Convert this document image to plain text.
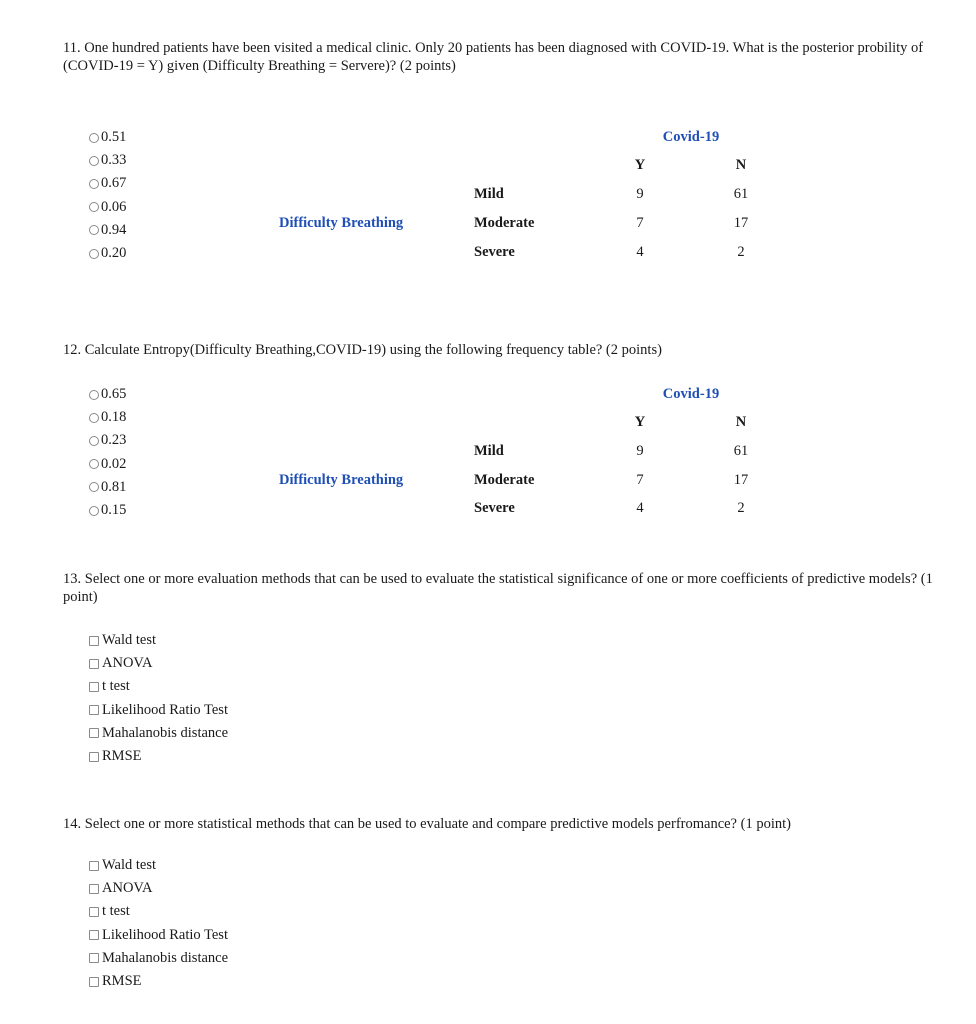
11. One hundred patients have been visited a medical clinic. Only 20 patients has been diagnosed with COVID-19. What is the posterior probility of (COVID-19 = Y) given (Difficulty Breathing = Servere)? (2 points)

0.51
0.33
0.67
0.06
0.94
0.20
Covid-19
Y	N
Difficulty Breathing
Mild	9	61
Moderate	7	17
Severe	4	2

12. Calculate Entropy(Difficulty Breathing,COVID-19) using the following frequency table? (2 points)

0.65
0.18
0.23
0.02
0.81
0.15
Covid-19
Y	N
Difficulty Breathing
Mild	9	61
Moderate	7	17
Severe	4	2

13. Select one or more evaluation methods that can be used to evaluate the statistical significance of one or more coefficients of predictive models? (1 point)

Wald test
ANOVA
t test
Likelihood Ratio Test
Mahalanobis distance
RMSE

14. Select one or more statistical methods that can be used to evaluate and compare predictive models perfromance? (1 point)

Wald test
ANOVA
t test
Likelihood Ratio Test
Mahalanobis distance
RMSE
